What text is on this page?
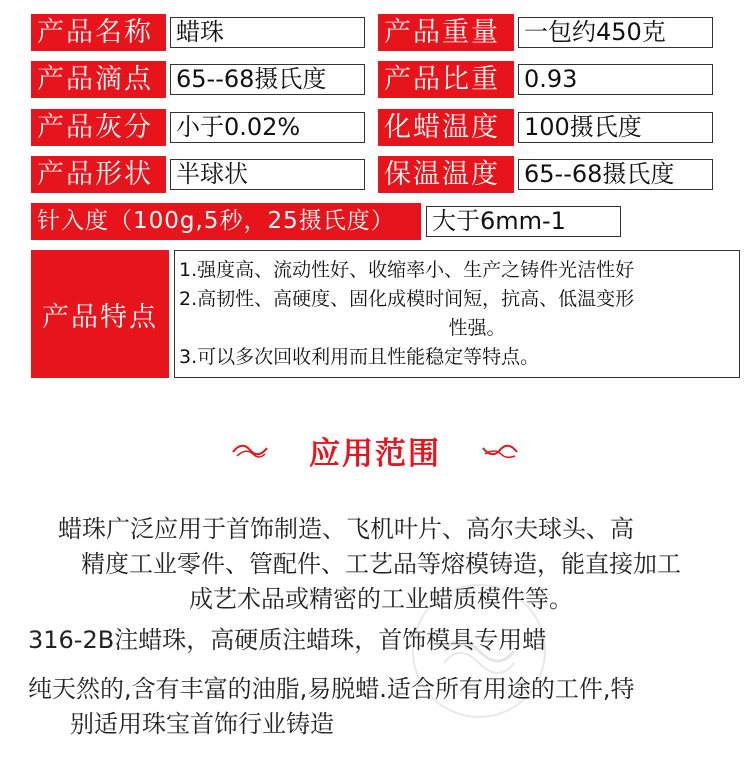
产品名称 蜡珠	产品重量	一包约450克
产品滴点 65--68摄氏度	产品比重	0.93
产品灰分 小于0.02%	化蜡温度	100摄氏度
产品形状 半球状	保温温度	65--68摄氏度
针入度（100g,5秒，25摄氏度）	大于6mm-1
产品特点
1.强度高、流动性好、收缩率小、生产之铸件光洁性好
2.高韧性、高硬度、固化成模时间短，抗高、低温变形
性强。
3.可以多次回收利用而且性能稳定等特点。
应用范围

蜡珠广泛应用于首饰制造、飞机叶片、高尔夫球头、高
精度工业零件、管配件、工艺品等熔模铸造，能直接加工
成艺术品或精密的工业蜡质模件等。

316-2B注蜡珠，高硬质注蜡珠，首饰模具专用蜡

纯天然的,含有丰富的油脂,易脱蜡.适合所有用途的工件,特
别适用珠宝首饰行业铸造
